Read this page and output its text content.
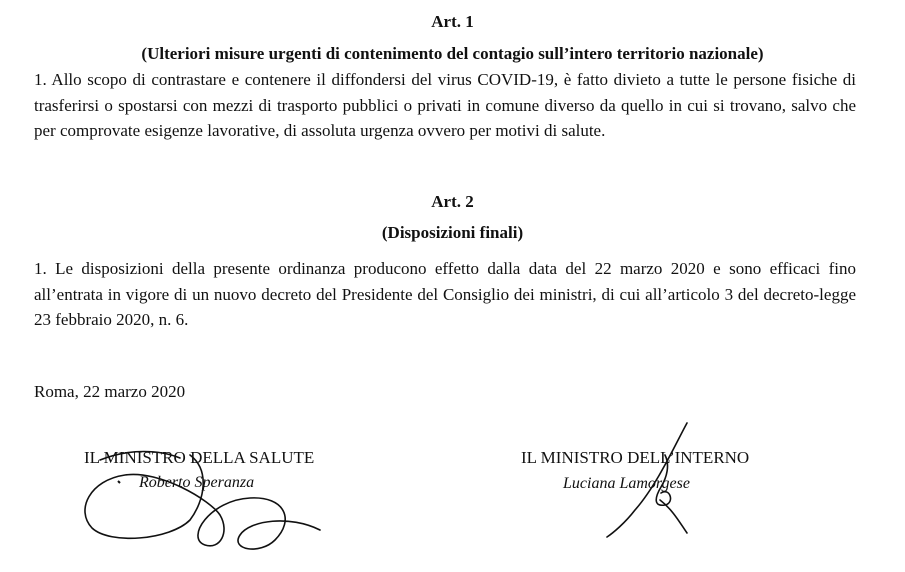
Art. 1
(Ulteriori misure urgenti di contenimento del contagio sull’intero territorio nazionale)
1. Allo scopo di contrastare e contenere il diffondersi del virus COVID-19, è fatto divieto a tutte le persone fisiche di trasferirsi o spostarsi con mezzi di trasporto pubblici o privati in comune diverso da quello in cui si trovano, salvo che per comprovate esigenze lavorative, di assoluta urgenza ovvero per motivi di salute.
Art. 2
(Disposizioni finali)
1. Le disposizioni della presente ordinanza producono effetto dalla data del 22 marzo 2020 e sono efficaci fino all’entrata in vigore di un nuovo decreto del Presidente del Consiglio dei ministri, di cui all’articolo 3 del decreto-legge 23 febbraio 2020, n. 6.
Roma, 22 marzo 2020
IL MINISTRO DELLA SALUTE
Roberto Speranza
IL MINISTRO DELL’INTERNO
Luciana Lamorgese
